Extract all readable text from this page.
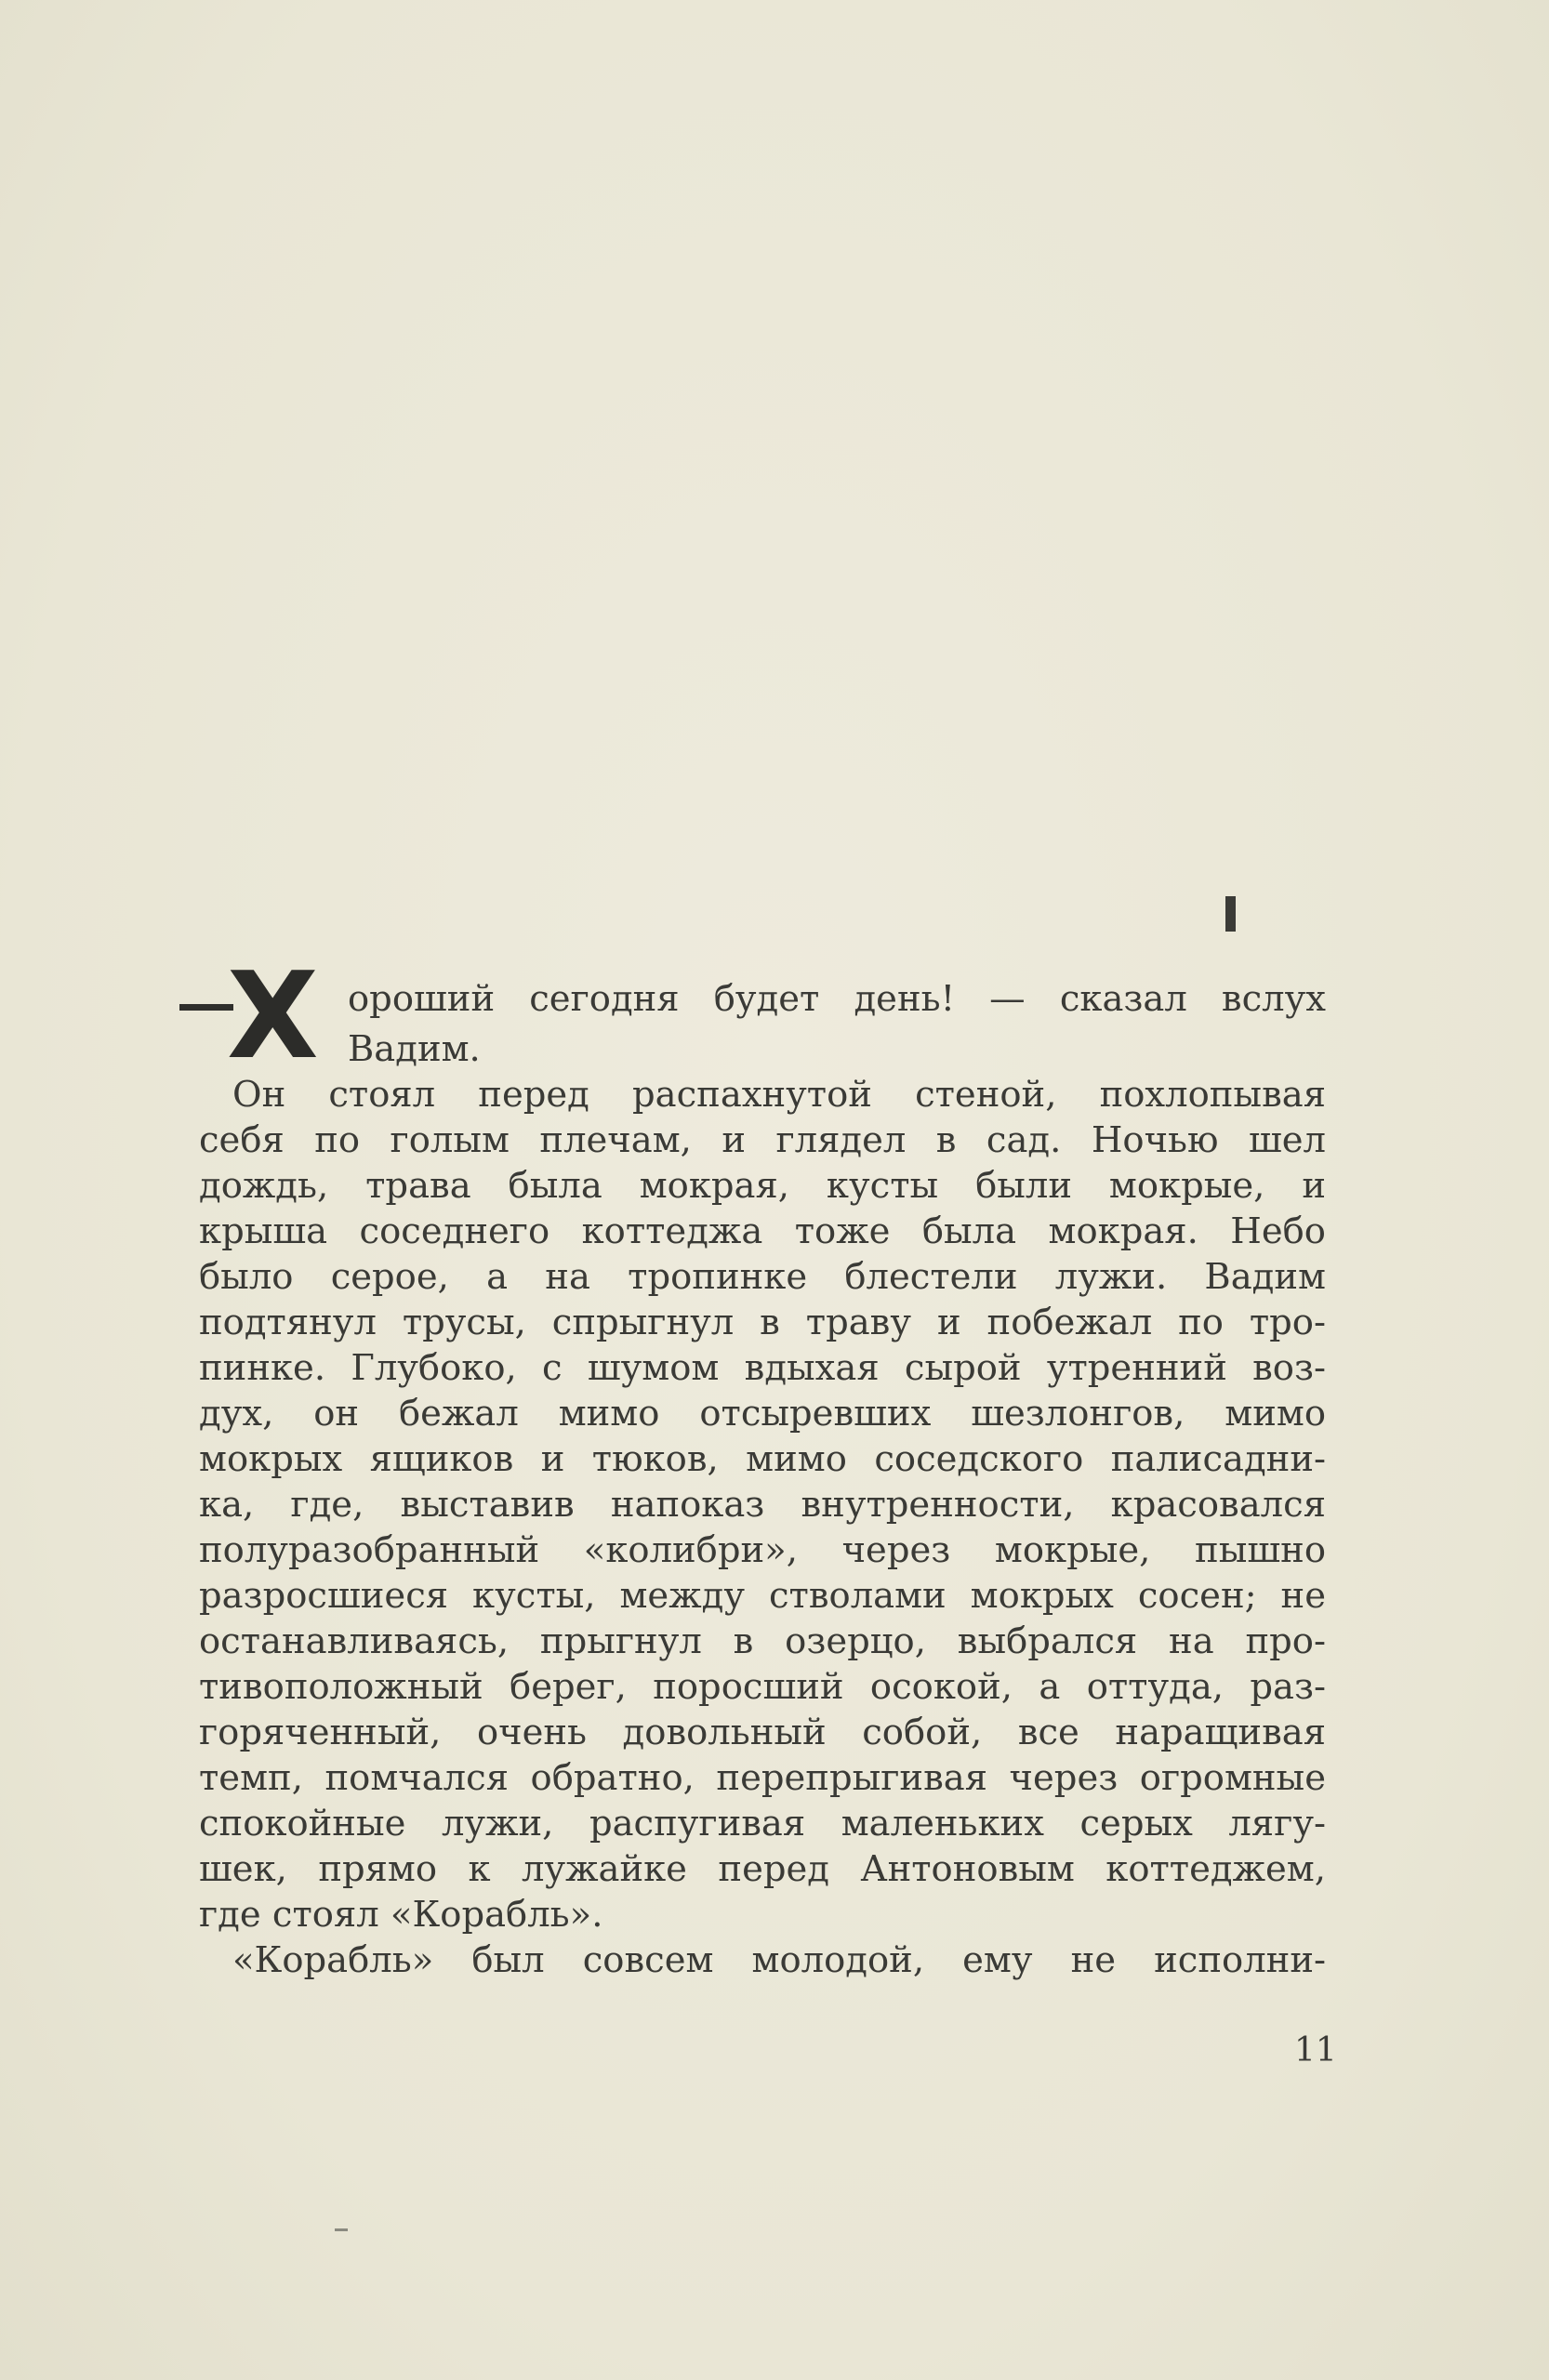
Х ороший сегодня будет день! — сказал вслух
Вадим.
Он стоял перед распахнутой стеной, похлопывая
себя по голым плечам, и глядел в сад. Ночью шел
дождь, трава была мокрая, кусты были мокрые, и
крыша соседнего коттеджа тоже была мокрая. Небо
было серое, а на тропинке блестели лужи. Вадим
подтянул трусы, спрыгнул в траву и побежал по тро-
пинке. Глубоко, с шумом вдыхая сырой утренний воз-
дух, он бежал мимо отсыревших шезлонгов, мимо
мокрых ящиков и тюков, мимо соседского палисадни-
ка, где, выставив напоказ внутренности, красовался
полуразобранный «колибри», через мокрые, пышно
разросшиеся кусты, между стволами мокрых сосен; не
останавливаясь, прыгнул в озерцо, выбрался на про-
тивоположный берег, поросший осокой, а оттуда, раз-
горяченный, очень довольный собой, все наращивая
темп, помчался обратно, перепрыгивая через огромные
спокойные лужи, распугивая маленьких серых лягу-
шек, прямо к лужайке перед Антоновым коттеджем,
где стоял «Корабль».
«Корабль» был совсем молодой, ему не исполни-
11
